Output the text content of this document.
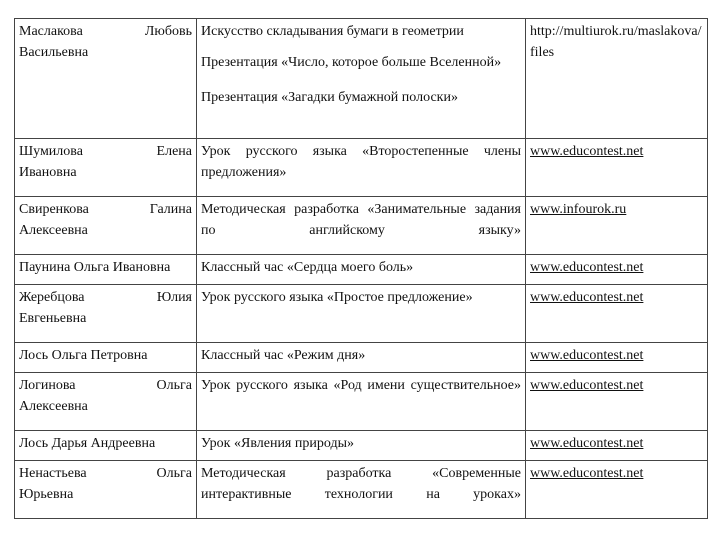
Маслакова Любовь
Васильевна	Искусство складывания бумаги в геометрии
Презентация «Число, которое больше Вселенной»
Презентация «Загадки бумажной полоски»	http://multiurok.ru/maslakova/files

Шумилова Елена
Ивановна	Урок русского языка «Второстепенные члены предложения»	www.educontest.net

Свиренкова Галина
Алексеевна	Методическая разработка «Занимательные задания по английскому языку»	www.infourok.ru
Паунина Ольга Ивановна	Классный час «Сердца моего боль»	www.educontest.net

Жеребцова Юлия
Евгеньевна	Урок русского языка «Простое предложение»	www.educontest.net
Лось Ольга Петровна	Классный час «Режим дня»	www.educontest.net

Логинова Ольга
Алексеевна	Урок русского языка «Род имени существительное»	www.educontest.net
Лось Дарья Андреевна	Урок «Явления природы»	www.educontest.net

Ненастьева Ольга
Юрьевна	Методическая разработка «Современные интерактивные технологии на уроках»	www.educontest.net
